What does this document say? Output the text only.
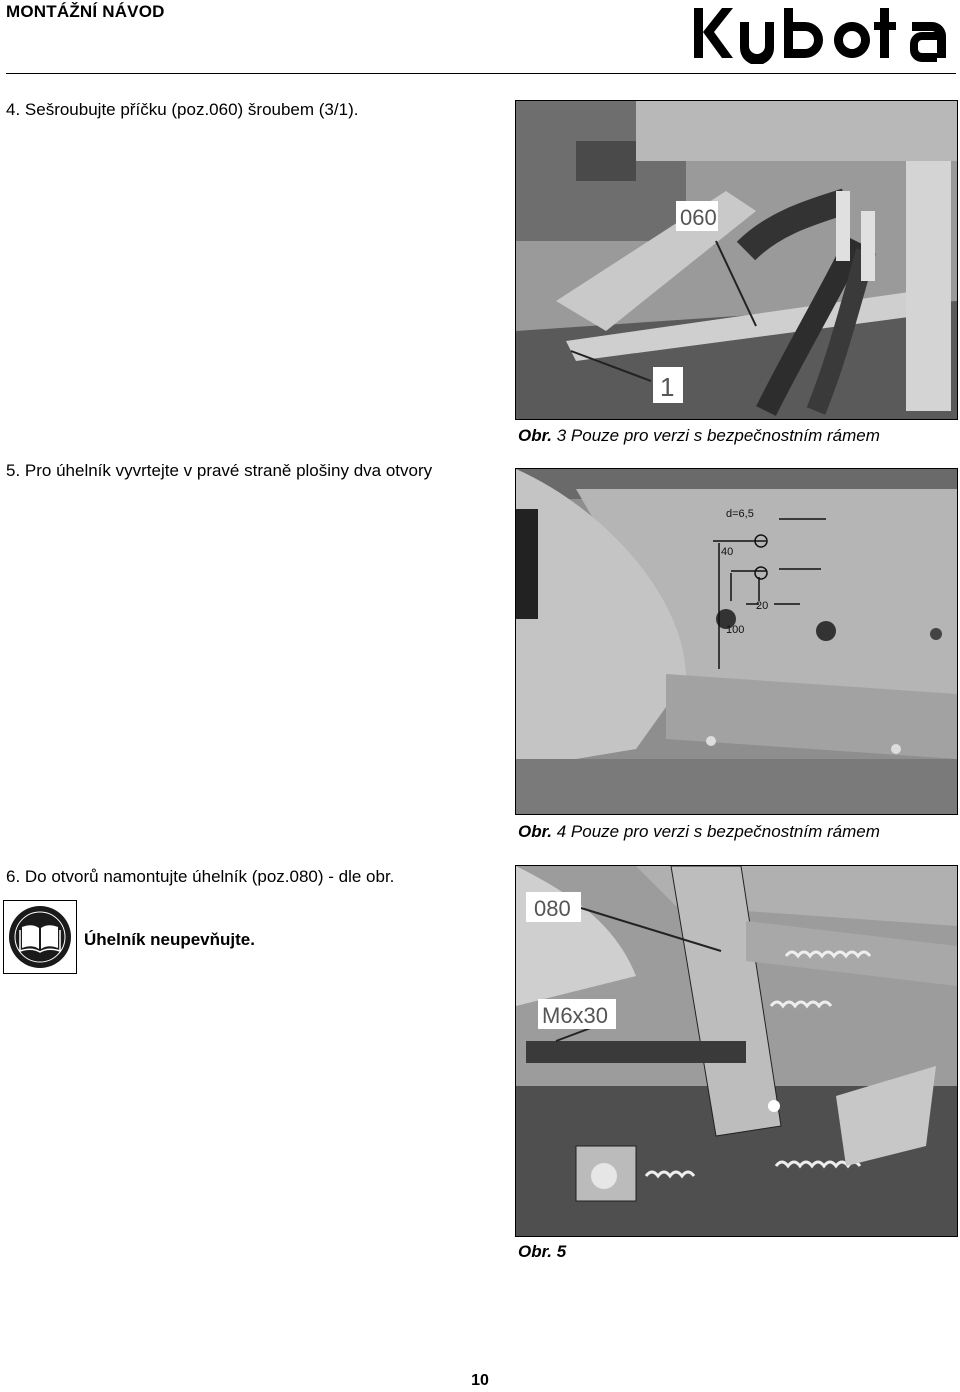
MONTÁŽNÍ NÁVOD
4. Sešroubujte příčku (poz.060) šroubem (3/1).
060
1
Obr. 3 Pouze pro verzi s bezpečnostním rámem
5. Pro úhelník vyvrtejte v pravé straně plošiny dva otvory
d=6,5
40
20
100
Obr. 4 Pouze pro verzi s bezpečnostním rámem
6. Do otvorů namontujte úhelník (poz.080) - dle obr.
Úhelník neupevňujte.
080
M6x30
Obr. 5
10
